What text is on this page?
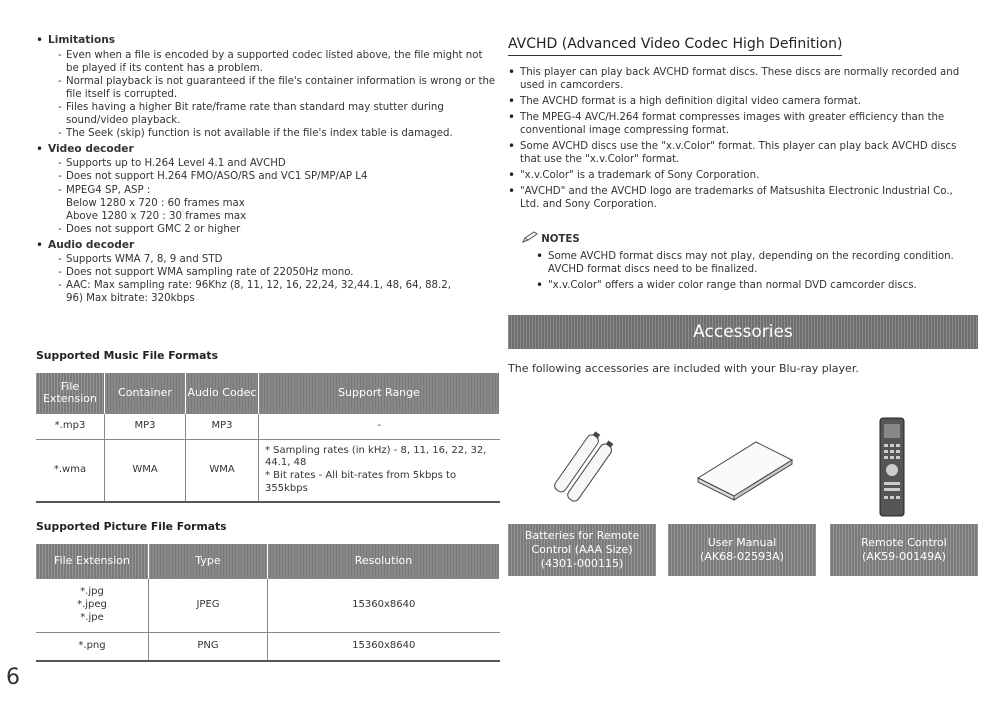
• Limitations
- Even when a file is encoded by a supported codec listed above, the file might not be played if its content has a problem.
- Normal playback is not guaranteed if the file's container information is wrong or the file itself is corrupted.
- Files having a higher Bit rate/frame rate than standard may stutter during sound/video playback.
- The Seek (skip) function is not available if the file's index table is damaged.
• Video decoder
- Supports up to H.264 Level 4.1 and AVCHD
- Does not support H.264 FMO/ASO/RS and VC1 SP/MP/AP L4
- MPEG4 SP, ASP :
Below 1280 x 720 : 60 frames max
Above 1280 x 720 : 30 frames max
- Does not support GMC 2 or higher
• Audio decoder
- Supports WMA 7, 8, 9 and STD
- Does not support WMA sampling rate of 22050Hz mono.
- AAC: Max sampling rate: 96Khz (8, 11, 12, 16, 22,24, 32,44.1, 48, 64, 88.2, 96) Max bitrate: 320kbps
Supported Music File Formats
File Extension	Container	Audio Codec	Support Range
*.mp3	MP3	MP3	-
*.wma	WMA	WMA	* Sampling rates (in kHz) - 8, 11, 16, 22, 32, 44.1, 48
* Bit rates - All bit-rates from 5kbps to 355kbps
Supported Picture File Formats
File Extension	Type	Resolution

*.jpg
*.jpeg
*.jpe	JPEG	15360x8640
*.png	PNG	15360x8640
6
AVCHD (Advanced Video Codec High Definition)
• This player can play back AVCHD format discs. These discs are normally recorded and used in camcorders.
• The AVCHD format is a high definition digital video camera format.
• The MPEG-4 AVC/H.264 format compresses images with greater efficiency than the conventional image compressing format.
• Some AVCHD discs use the "x.v.Color" format. This player can play back AVCHD discs that use the "x.v.Color" format.
• "x.v.Color" is a trademark of Sony Corporation.
• "AVCHD" and the AVCHD logo are trademarks of Matsushita Electronic Industrial Co., Ltd. and Sony Corporation.
NOTES
• Some AVCHD format discs may not play, depending on the recording condition. AVCHD format discs need to be finalized.
• "x.v.Color" offers a wider color range than normal DVD camcorder discs.
Accessories
The following accessories are included with your Blu-ray player.
Batteries for Remote
Control (AAA Size)
(4301-000115)
User Manual
(AK68-02593A)
Remote Control
(AK59-00149A)
